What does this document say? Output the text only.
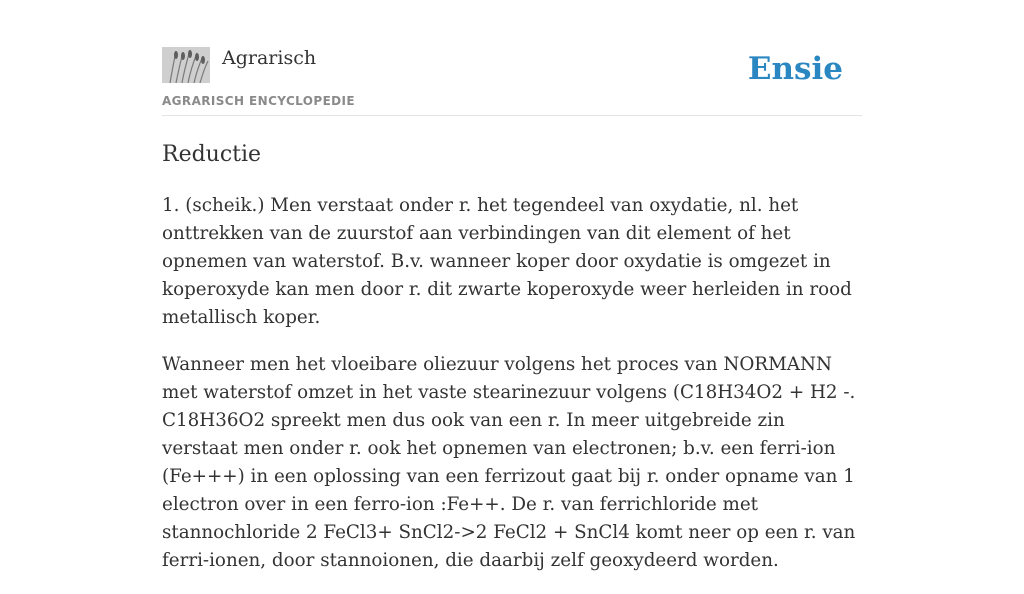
Agrarisch
AGRARISCH ENCYCLOPEDIE
Ensie
Reductie

1. (scheik.) Men verstaat onder r. het tegendeel van oxydatie, nl. het onttrekken van de zuurstof aan verbindingen van dit element of het opnemen van waterstof. B.v. wanneer koper door oxydatie is omgezet in koperoxyde kan men door r. dit zwarte koperoxyde weer herleiden in rood metallisch koper.

Wanneer men het vloeibare oliezuur volgens het proces van NORMANN met waterstof omzet in het vaste stearinezuur volgens (C18H34O2 + H2 -. C18H36O2 spreekt men dus ook van een r. In meer uitgebreide zin verstaat men onder r. ook het opnemen van electronen; b.v. een ferri-ion (Fe+++) in een oplossing van een ferrizout gaat bij r. onder opname van 1 electron over in een ferro-ion :Fe++. De r. van ferrichloride met stannochloride 2 FeCl3+ SnCl2->2 FeCl2 + SnCl4 komt neer op een r. van ferri-ionen, door stannoionen, die daarbij zelf geoxydeerd worden.
